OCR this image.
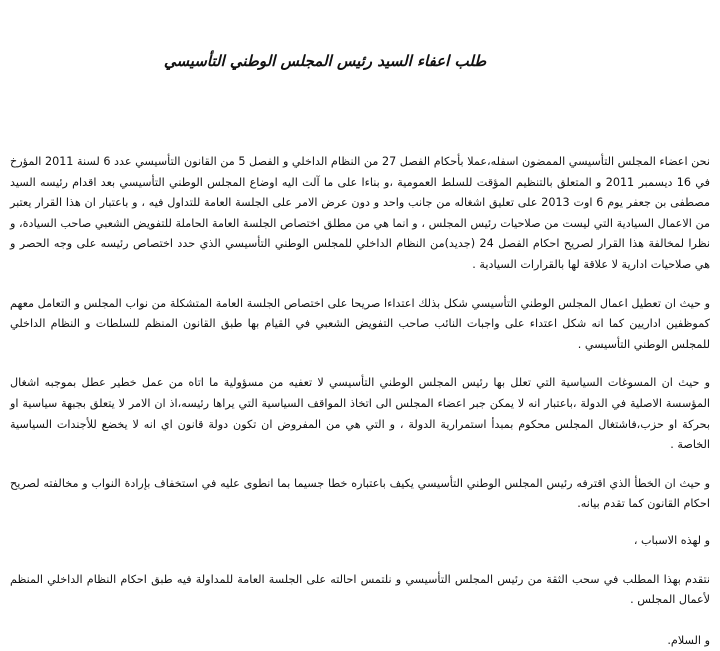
طلب اعفاء السيد رئيس المجلس الوطني التأسيسي

نحن اعضاء المجلس التأسيسي الممضون اسفله،عملا بأحكام الفصل 27 من النظام الداخلي و الفصل 5 من القانون التأسيسي عدد 6 لسنة 2011 المؤرخ في 16 ديسمبر 2011 و المتعلق بالتنظيم المؤقت للسلط العمومية ،و بناءا على ما آلت اليه اوضاع المجلس الوطني التأسيسي بعد اقدام رئيسه السيد مصطفى بن جعفر يوم 6 اوت 2013 على تعليق اشغاله من جانب واحد و دون عرض الامر على الجلسة العامة للتداول فيه ، و باعتبار ان هذا القرار يعتبر من الاعمال السيادية التي ليست من صلاحيات رئيس المجلس ، و انما هي من مطلق اختصاص الجلسة العامة الحاملة للتفويض الشعبي صاحب السيادة، و نظرا لمخالفة هذا القرار لصريح احكام الفصل 24 (جديد)من النظام الداخلي للمجلس الوطني التأسيسي الذي حدد اختصاص رئيسه على وجه الحصر و هي صلاحيات ادارية لا علاقة لها بالقرارات السيادية .

و حيث ان تعطيل اعمال المجلس الوطني التأسيسي شكل بذلك اعتداءا صريحا على اختصاص الجلسة العامة المتشكلة من نواب المجلس و التعامل معهم كموظفين اداريين كما انه شكل اعتداء على واجبات النائب صاحب التفويض الشعبي في القيام بها طبق القانون المنظم للسلطات و النظام الداخلي للمجلس الوطني التأسيسي .

و حيث ان المسوغات السياسية التي تعلل بها رئيس المجلس الوطني التأسيسي لا تعفيه من مسؤولية ما اتاه من عمل خطير عطل بموجبه اشغال المؤسسة الاصلية في الدولة ،باعتبار انه لا يمكن جبر اعضاء المجلس الى اتخاذ المواقف السياسية التي يراها رئيسه،اذ ان الامر لا يتعلق بجبهة سياسية او بحركة او حزب،فاشتغال المجلس محكوم بمبدأ استمرارية الدولة ، و التي هي من المفروض ان تكون دولة قانون اي انه لا يخضع للأجندات السياسية الخاصة .

و حيث ان الخطأ الذي اقترفه رئيس المجلس الوطني التأسيسي يكيف باعتباره خطا جسيما بما انطوى عليه في استخفاف بإرادة النواب و مخالفته لصريح احكام القانون كما تقدم بيانه.

و لهذه الاسباب ،

نتقدم بهذا المطلب في سحب الثقة من رئيس المجلس التأسيسي و نلتمس احالته على الجلسة العامة للمداولة فيه طبق احكام النظام الداخلي المنظم لأعمال المجلس .

و السلام.
